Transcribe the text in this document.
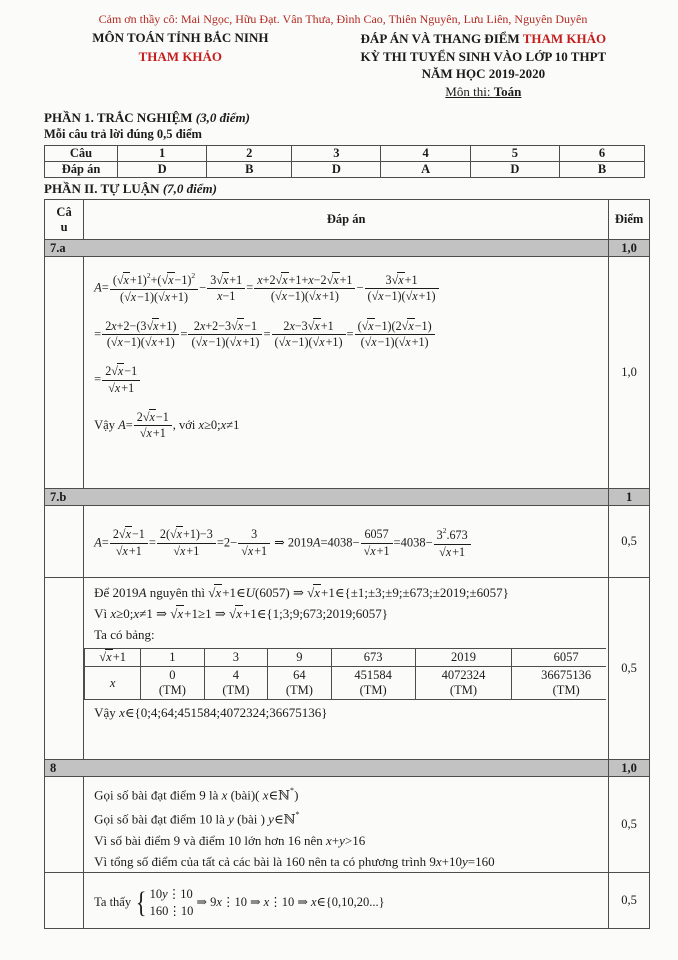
Cảm ơn thầy cô: Mai Ngọc, Hữu Đạt. Vân Thưa, Đình Cao, Thiên Nguyên, Lưu Liên, Nguyên Duyên
MÔN TOÁN TỈNH BẮC NINH
THAM KHẢO
ĐÁP ÁN VÀ THANG ĐIỂM THAM KHẢO
KỲ THI TUYỂN SINH VÀO LỚP 10 THPT
NĂM HỌC 2019-2020
Môn thi: Toán
PHẦN 1. TRẮC NGHIỆM (3,0 điểm)
Mỗi câu trả lời đúng 0,5 điểm
Câu	1	2	3	4	5	6
Đáp án	D	B	D	A	D	B
PHẦN II. TỰ LUẬN (7,0 điểm)
Câu	Đáp án	Điểm
7.a	1,0

$A= \frac{(√x+1)^2+(√x-1)^2}{(√x-1)(√x+1)} - \frac{3√x+1}{x-1} = \frac{x+2√x+1+x-2√x+1}{(√x-1)(√x+1)} - \frac{3√x+1}{(√x-1)(√x+1)}$
= $\frac{2x+2-(3√x+1)}{(√x-1)(√x+1)} = \frac{2x+2-3√x-1}{(√x-1)(√x+1)} = \frac{2x-3√x+1}{(√x-1)(√x+1)} = \frac{(√x-1)(2√x-1)}{(√x-1)(√x+1)}$
= $\frac{2√x-1}{√x+1}$
Vậy $A= \frac{2√x-1}{√x+1}$ , với x≥0;x≠1
	1,0
7.b	1

$A= \frac{2√x-1}{√x+1} = \frac{2(√x+1)-3}{√x+1} =2- \frac{3}{√x+1}$ ⇒ $2019A=4038- \frac{6057}{√x+1} =4038- \frac{3^2.673}{√x+1}$	0,5

Để 2019A nguyên thì √x+1∈U(6057) ⇒ √x+1∈{±1;±3;±9;±673;±2019;±6057}
Vì x≥0;x≠1 ⇒ √x+1≥1 ⇒ √x+1∈{1;3;9;673;2019;6057}
Ta có bảng:
√x+1	1	3	9	673	2019	6057
x	0
(TM)
	4
(TM)
	64
(TM)
	451584
(TM)
	4072324
(TM)
	36675136
(TM)
Vậy x∈{0;4;64;451584;4072324;36675136}
	0,5
8	1,0

Gọi số bài đạt điểm 9 là x (bài)( x∈ℕ*)
Gọi số bài đạt điểm 10 là y (bài ) y∈ℕ*
Vì số bài điểm 9 và điểm 10 lớn hơn 16 nên x+y>16
Vì tổng số điểm của tất cả các bài là 160 nên ta có phương trình 9x+10y=160
	0,5

Ta thấy { 10y⋮10
160⋮10
⇒ 9x⋮10 ⇒ x⋮10 ⇒ x∈{0,10,20...}	0,5
